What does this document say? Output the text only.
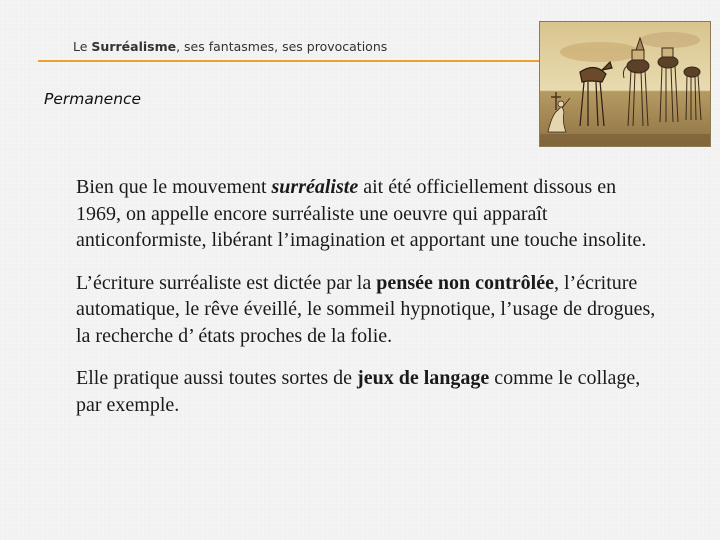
Le Surréalisme, ses fantasmes, ses provocations
Permanence

Bien que le mouvement surréaliste ait été officiellement dissous en 1969, on appelle encore surréaliste une oeuvre qui apparaît anticonformiste, libérant l’imagination et apportant une touche insolite.

L’écriture surréaliste est dictée par la pensée non contrôlée, l’écriture automatique, le rêve éveillé, le sommeil hypnotique, l’usage de drogues, la recherche d’ états proches de la folie.

Elle pratique aussi toutes sortes de jeux de langage comme le collage, par exemple.
